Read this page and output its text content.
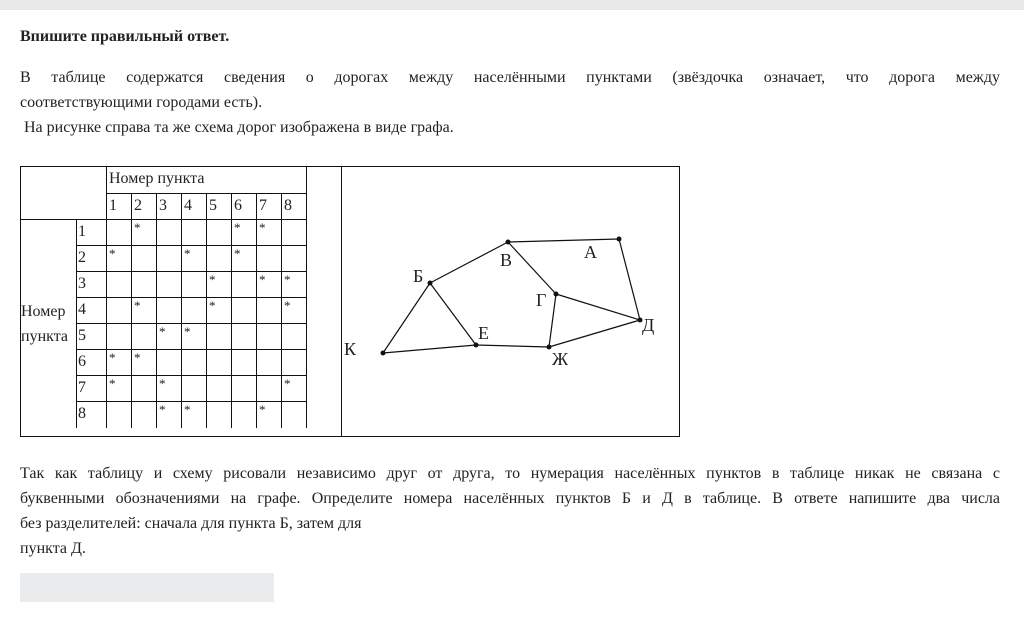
Впишите правильный ответ.

В таблице содержатся сведения о дорогах между населёнными пунктами (звёздочка означает, что дорога между
соответствующими городами есть).

На рисунке справа та же схема дорог изображена в виде графа.

		Номер пункта							
		1	2	3	4	5	6	7	8
Номер
пункта	1		*				*	*	
	2	*			*		*		
	3					*		*	*
	4		*			*			*
	5			*	*				
	6	*	*						
	7	*		*					*
	8			*	*			*	
А
Б
В
Г
Д
Е
Ж
К

Так как таблицу и схему рисовали независимо друг от друга, то нумерация населённых пунктов в таблице никак не связана с
буквенными обозначениями на графе. Определите номера населённых пунктов Б и Д в таблице. В ответе напишите два числа
без разделителей: сначала для пункта Б, затем для
пункта Д.
